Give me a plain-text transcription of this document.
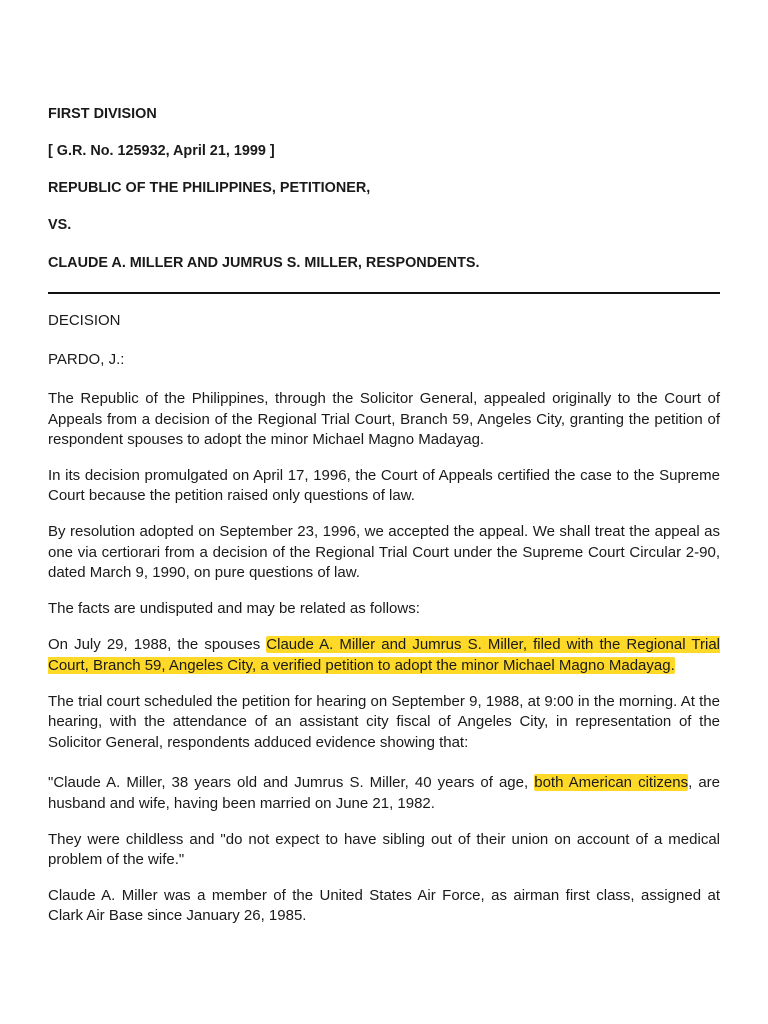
FIRST DIVISION

[ G.R. No. 125932, April 21, 1999 ]

REPUBLIC OF THE PHILIPPINES, PETITIONER,

VS.

CLAUDE A. MILLER AND JUMRUS S. MILLER, RESPONDENTS.

DECISION

PARDO, J.:

The Republic of the Philippines, through the Solicitor General, appealed originally to the Court of Appeals from a decision of the Regional Trial Court, Branch 59, Angeles City, granting the petition of respondent spouses to adopt the minor Michael Magno Madayag.

In its decision promulgated on April 17, 1996, the Court of Appeals certified the case to the Supreme Court because the petition raised only questions of law.

By resolution adopted on September 23, 1996, we accepted the appeal. We shall treat the appeal as one via certiorari from a decision of the Regional Trial Court under the Supreme Court Circular 2-90, dated March 9, 1990, on pure questions of law.

The facts are undisputed and may be related as follows:

On July 29, 1988, the spouses Claude A. Miller and Jumrus S. Miller, filed with the Regional Trial Court, Branch 59, Angeles City, a verified petition to adopt the minor Michael Magno Madayag.

The trial court scheduled the petition for hearing on September 9, 1988, at 9:00 in the morning. At the hearing, with the attendance of an assistant city fiscal of Angeles City, in representation of the Solicitor General, respondents adduced evidence showing that:

"Claude A. Miller, 38 years old and Jumrus S. Miller, 40 years of age, both American citizens, are husband and wife, having been married on June 21, 1982.

They were childless and "do not expect to have sibling out of their union on account of a medical problem of the wife."

Claude A. Miller was a member of the United States Air Force, as airman first class, assigned at Clark Air Base since January 26, 1985.
